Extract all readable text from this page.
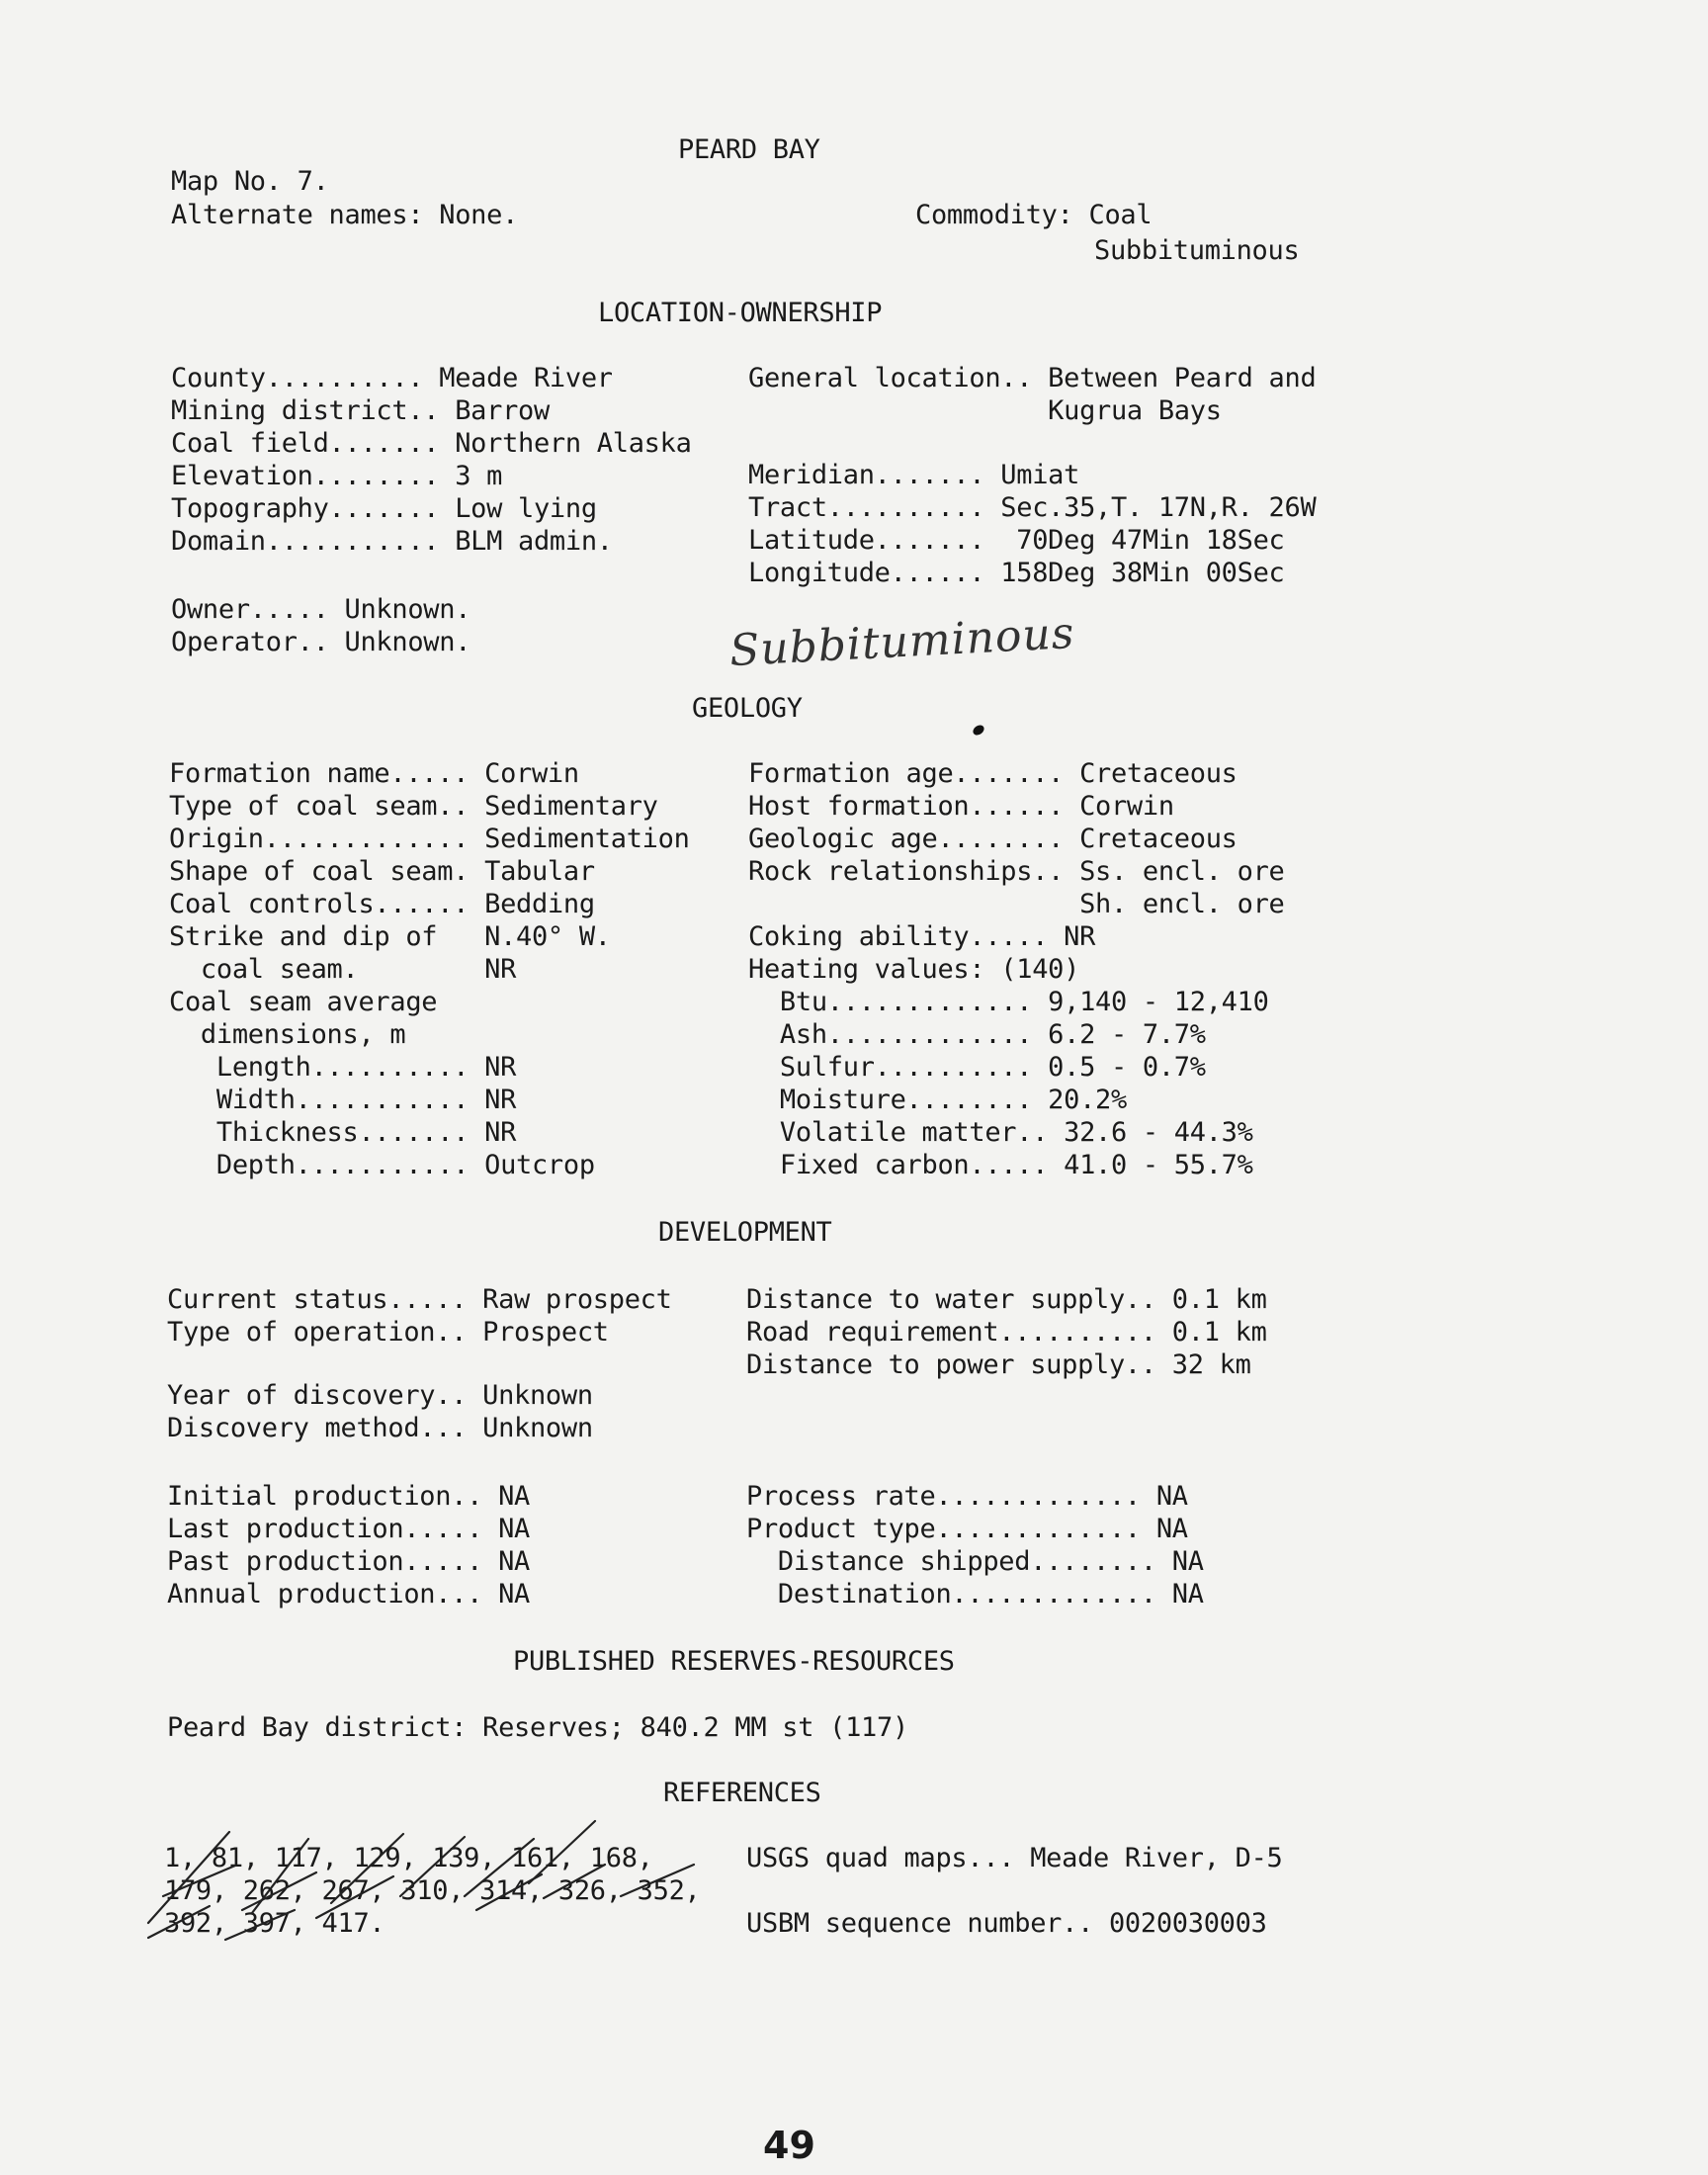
PEARD BAY
Map No. 7.
Alternate names: None.	Commodity: Coal
Subbituminous
LOCATION-OWNERSHIP
County.......... Meade River
Mining district.. Barrow
Coal field....... Northern Alaska
Elevation........ 3 m
Topography....... Low lying
Domain........... BLM admin.
General location.. Between Peard and
Kugrua Bays
Meridian....... Umiat
Tract.......... Sec.35,T. 17N,R. 26W
Latitude.......  70Deg 47Min 18Sec
Longitude...... 158Deg 38Min 00Sec
Owner..... Unknown.
Operator.. Unknown.	Subbituminous
GEOLOGY
Formation name..... Corwin
Type of coal seam.. Sedimentary
Origin............. Sedimentation
Shape of coal seam. Tabular
Coal controls...... Bedding
Strike and dip of   N.40° W.
coal seam.        NR
Coal seam average
dimensions, m
Length.......... NR
Width........... NR
Thickness....... NR
Depth........... Outcrop
Formation age....... Cretaceous
Host formation...... Corwin
Geologic age........ Cretaceous
Rock relationships.. Ss. encl. ore
Sh. encl. ore
Coking ability..... NR
Heating values: (140)
Btu............. 9,140 - 12,410
Ash............. 6.2 - 7.7%
Sulfur.......... 0.5 - 0.7%
Moisture........ 20.2%
Volatile matter.. 32.6 - 44.3%
Fixed carbon..... 41.0 - 55.7%
DEVELOPMENT
Current status..... Raw prospect
Type of operation.. Prospect
Year of discovery.. Unknown
Discovery method... Unknown
Distance to water supply.. 0.1 km
Road requirement.......... 0.1 km
Distance to power supply.. 32 km
Initial production.. NA
Last production..... NA
Past production..... NA
Annual production... NA
Process rate............. NA
Product type............. NA
Distance shipped........ NA
Destination............. NA
PUBLISHED RESERVES-RESOURCES
Peard Bay district: Reserves; 840.2 MM st (117)
REFERENCES
1, 81, 117, 129, 139, 161, 168,
179, 262, 267, 310, 314, 326, 352,
392, 397, 417.
USGS quad maps... Meade River, D-5
USBM sequence number.. 0020030003
49
